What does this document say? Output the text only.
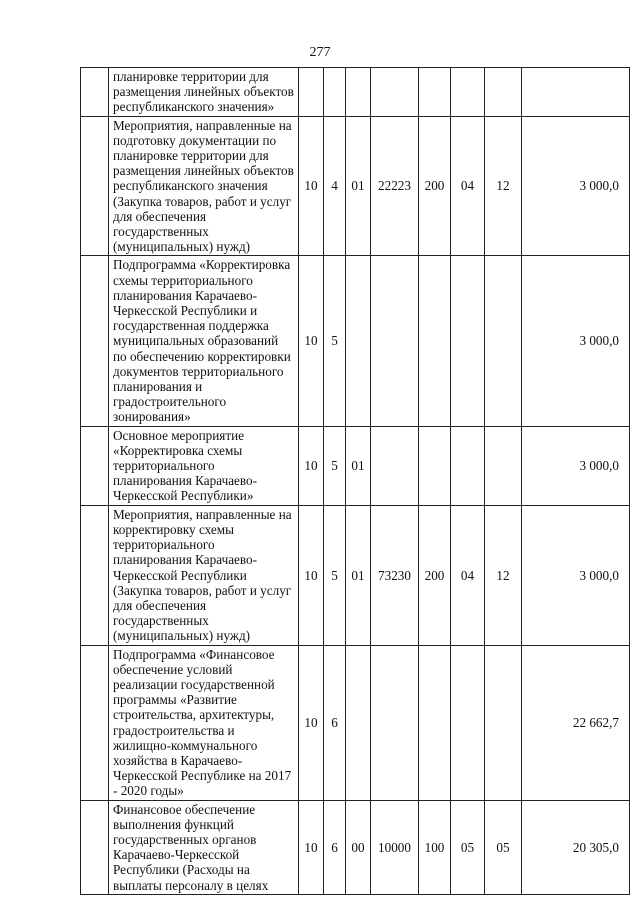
277
	планировке территории для размещения линейных объектов республиканского значения»								
	Мероприятия, направленные на подготовку документации по планировке территории для размещения линейных объектов республиканского значения (Закупка товаров, работ и услуг для обеспечения государственных (муниципальных) нужд)	10	4	01	22223	200	04	12	3 000,0
	Подпрограмма «Корректировка схемы территориального планирования Карачаево-Черкесской Республики и государственная поддержка муниципальных образований по обеспечению корректировки документов территориального планирования и градостроительного зонирования»	10	5						3 000,0
	Основное мероприятие «Корректировка схемы территориального планирования Карачаево-Черкесской Республики»	10	5	01					3 000,0
	Мероприятия, направленные на корректировку схемы территориального планирования Карачаево-Черкесской Республики (Закупка товаров, работ и услуг для обеспечения государственных (муниципальных) нужд)	10	5	01	73230	200	04	12	3 000,0
	Подпрограмма «Финансовое обеспечение условий реализации государственной программы «Развитие строительства, архитектуры, градостроительства и жилищно-коммунального хозяйства в Карачаево-Черкесской Республике на 2017 - 2020 годы»	10	6						22 662,7
	Финансовое обеспечение выполнения функций государственных органов Карачаево-Черкесской Республики (Расходы на выплаты персоналу в целях	10	6	00	10000	100	05	05	20 305,0
